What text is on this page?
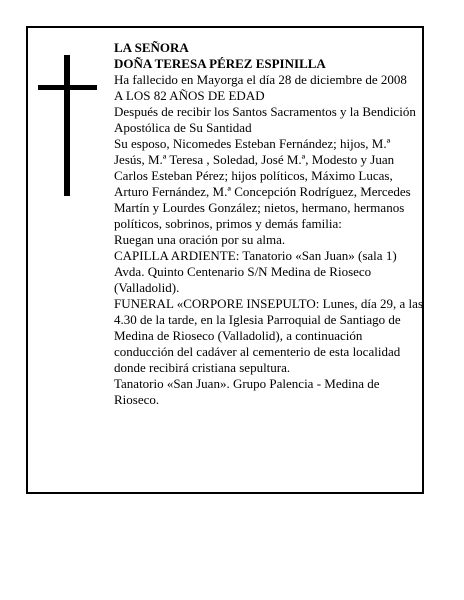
LA SEÑORA

DOÑA TERESA PÉREZ ESPINILLA

Ha fallecido en Mayorga el día 28 de diciembre de 2008

A LOS 82 AÑOS DE EDAD

Después de recibir los Santos Sacramentos y la Bendición Apostólica de Su Santidad

Su esposo, Nicomedes Esteban Fernández; hijos, M.ª Jesús, M.ª Teresa , Soledad, José M.ª, Modesto y Juan Carlos Esteban Pérez; hijos políticos, Máximo Lucas, Arturo Fernández, M.ª Concepción Rodríguez, Mercedes Martín y Lourdes González; nietos, hermano, hermanos políticos, sobrinos, primos y demás familia:

Ruegan una oración por su alma.

CAPILLA ARDIENTE: Tanatorio «San Juan» (sala 1) Avda. Quinto Centenario S/N Medina de Rioseco (Valladolid).

FUNERAL «CORPORE INSEPULTO: Lunes, día 29, a las 4.30 de la tarde, en la Iglesia Parroquial de Santiago de Medina de Rioseco (Valladolid), a continuación conducción del cadáver al cementerio de esta localidad donde recibirá cristiana sepultura.

Tanatorio «San Juan». Grupo Palencia - Medina de Rioseco.
